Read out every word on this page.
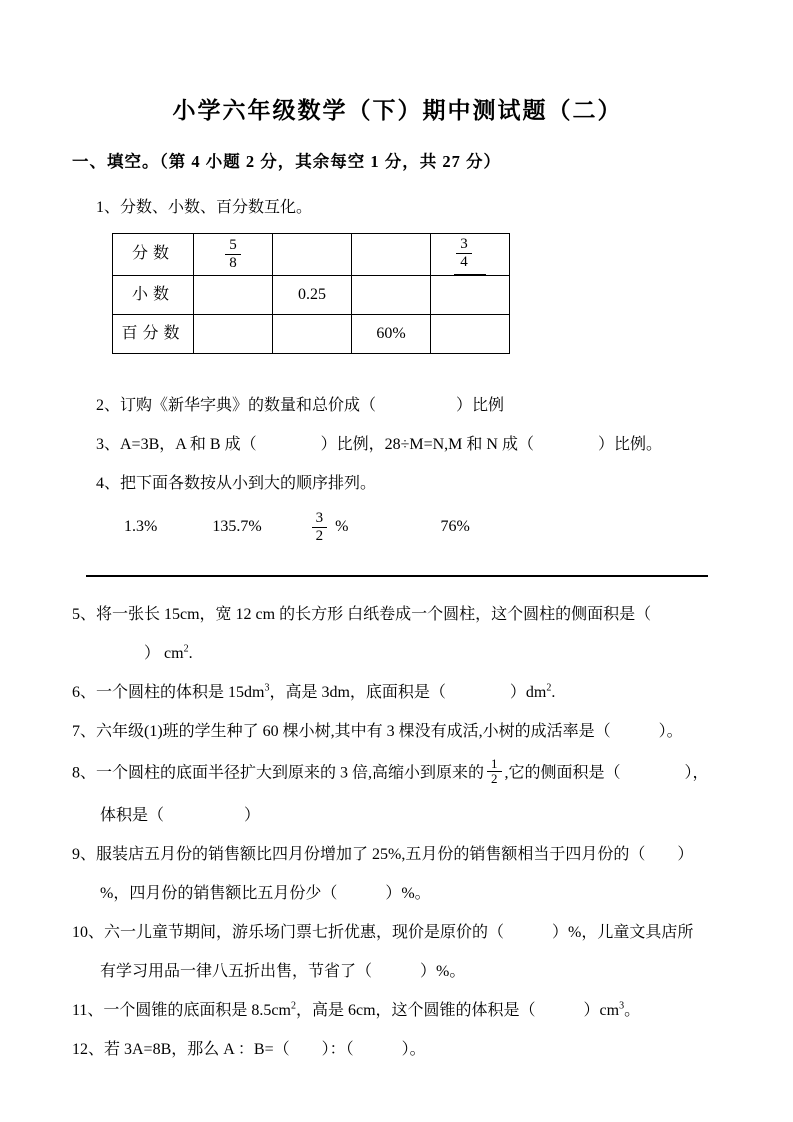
小学六年级数学（下）期中测试题（二）
一、填空。（第 4 小题 2 分，其余每空 1 分，共 27 分）

1、分数、小数、百分数互化。

分数	$\frac{5}{8}$			$\frac{3}{4}$

小数		0.25		
百分数			60%	

2、订购《新华字典》的数量和总价成（　　　　　）比例

3、A=3B，A 和 B 成（　　　　）比例，28÷M=N,M 和 N 成（　　　　）比例。

4、把下面各数按从小到大的顺序排列。

1.3%	135.7%	$\frac{3}{2}$ %	76%

5、将一张长 15cm，宽 12 cm 的长方形 白纸卷成一个圆柱，这个圆柱的侧面积是（

） $cm^2$.

6、一个圆柱的体积是 $15dm^3$，高是 3dm，底面积是（　　　　）$dm^2$.

7、六年级(1)班的学生种了 60 棵小树,其中有 3 棵没有成活,小树的成活率是（　　　）。

8、一个圆柱的底面半径扩大到原来的 3 倍,高缩小到原来的 $\frac{1}{2}$ ,它的侧面积是（　　　　），

体积是（　　　　　）

9、服装店五月份的销售额比四月份增加了 25%,五月份的销售额相当于四月份的（　　）

%，四月份的销售额比五月份少（　　　）%。

10、六一儿童节期间，游乐场门票七折优惠，现价是原价的（　　　）%，儿童文具店所

有学习用品一律八五折出售，节省了（　　　）%。

11、一个圆锥的底面积是 $8.5cm^2$，高是 6cm，这个圆锥的体积是（　　　）$cm^3$。

12、若 3A=8B，那么 A ：B=（　　）：（　　　）。
